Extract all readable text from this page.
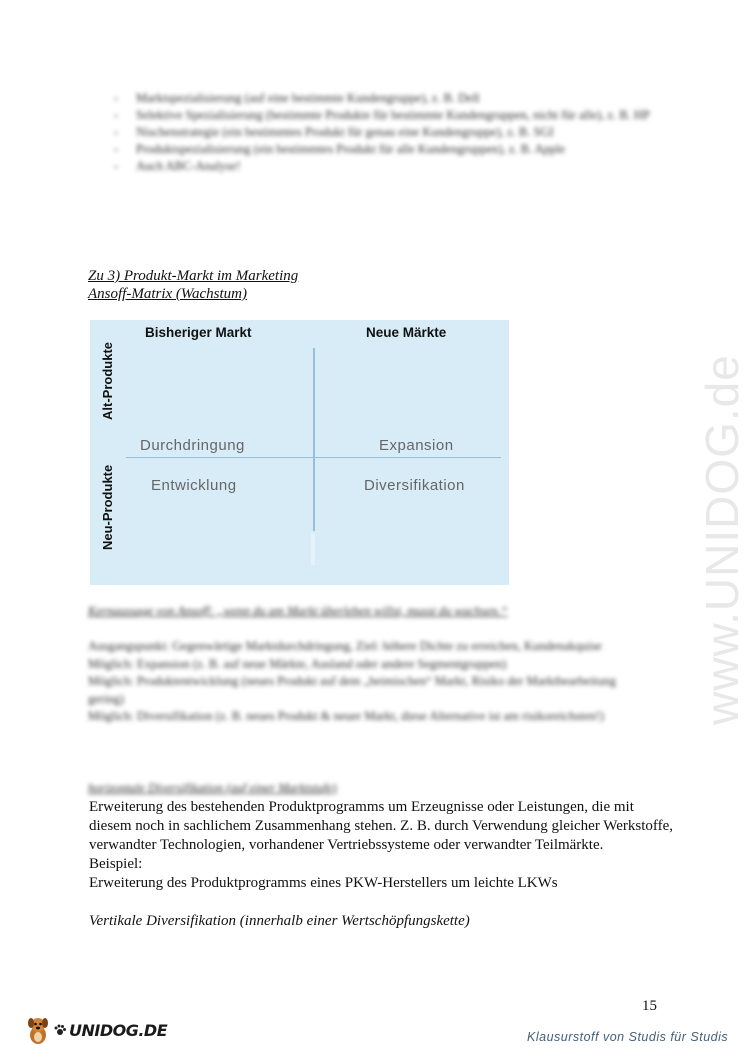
- Marktspezialisierung (auf eine bestimmte Kundengruppe), z. B. Dell
- Selektive Spezialisierung (bestimmte Produkte für bestimmte Kundengruppen, nicht für alle), z. B. HP
- Nischenstrategie (ein bestimmtes Produkt für genau eine Kundengruppe), z. B. SGI
- Produktspezialisierung (ein bestimmtes Produkt für alle Kundengruppen), z. B. Apple
- Auch ABC-Analyse!
Zu 3) Produkt-Markt im Marketing
Ansoff-Matrix (Wachstum)
Bisheriger Markt	Neue Märkte
Alt-Produkte
Neu-Produkte
Durchdringung	Expansion
Entwicklung	Diversifikation
Kernaussage von Ansoff: „wenn du am Markt überleben willst, musst du wachsen.“
Ausgangspunkt: Gegenwärtige Marktdurchdringung, Ziel: höhere Dichte zu erreichen, Kundenakquise
Möglich: Expansion (z. B. auf neue Märkte, Ausland oder andere Segmentgruppen)
Möglich: Produktentwicklung (neues Produkt auf dem „heimischen“ Markt, Risiko der Marktbearbeitung gering)
Möglich: Diversifikation (z. B. neues Produkt & neuer Markt, diese Alternative ist am risikoreichsten!)
horizontale Diversifikation (auf einer Marktstufe)
Erweiterung des bestehenden Produktprogramms um Erzeugnisse oder Leistungen, die mit diesem noch in sachlichem Zusammenhang stehen. Z. B. durch Verwendung gleicher Werkstoffe, verwandter Technologien, vorhandener Vertriebssysteme oder verwandter Teilmärkte.
Beispiel:
Erweiterung des Produktprogramms eines PKW-Herstellers um leichte LKWs
Vertikale Diversifikation (innerhalb einer Wertschöpfungskette)
www.UNIDOG.de
15
UNIDOG.DE	Klausurstoff von Studis für Studis
